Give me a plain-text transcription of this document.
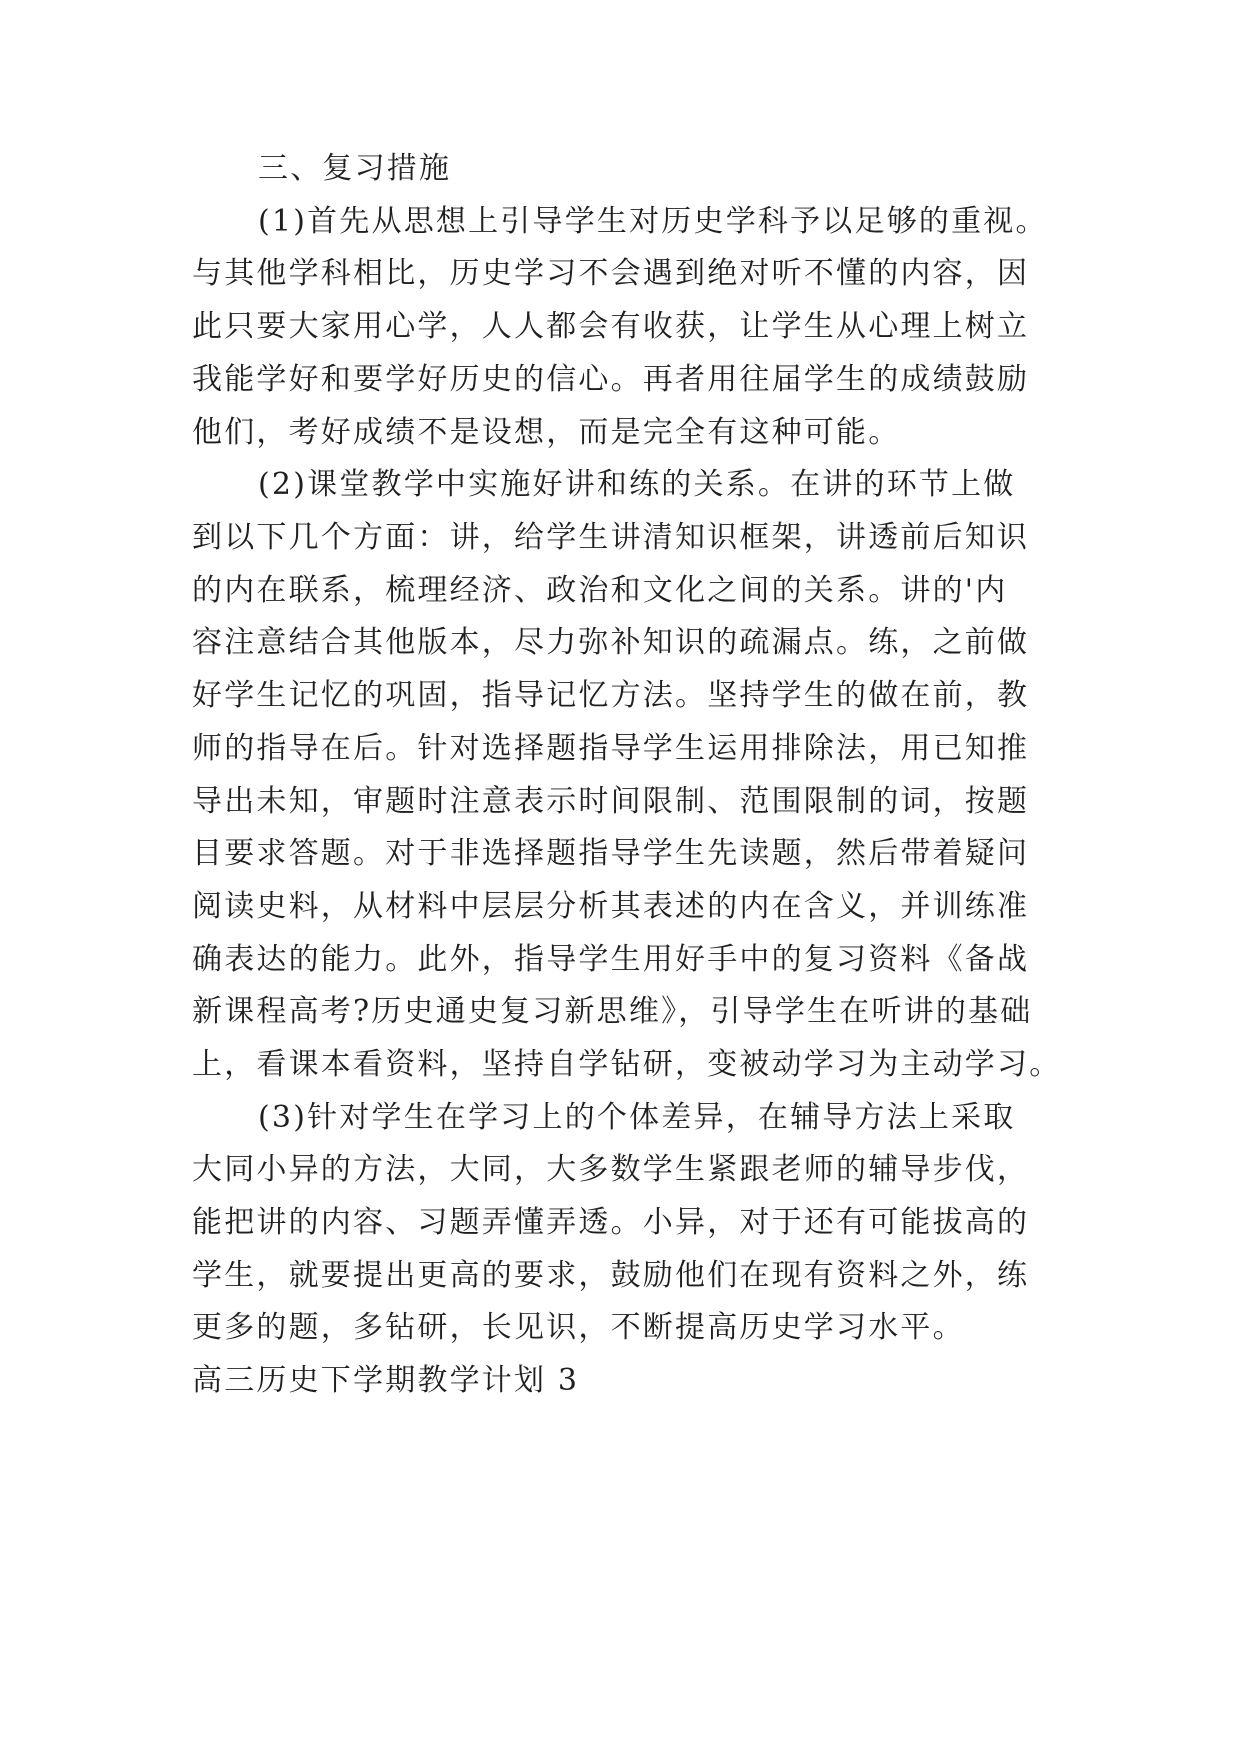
三、复习措施
(1)首先从思想上引导学生对历史学科予以足够的重视。
与其他学科相比，历史学习不会遇到绝对听不懂的内容，因
此只要大家用心学，人人都会有收获，让学生从心理上树立
我能学好和要学好历史的信心。再者用往届学生的成绩鼓励
他们，考好成绩不是设想，而是完全有这种可能。
(2)课堂教学中实施好讲和练的关系。在讲的环节上做
到以下几个方面：讲，给学生讲清知识框架，讲透前后知识
的内在联系，梳理经济、政治和文化之间的关系。讲的'内
容注意结合其他版本，尽力弥补知识的疏漏点。练，之前做
好学生记忆的巩固，指导记忆方法。坚持学生的做在前，教
师的指导在后。针对选择题指导学生运用排除法，用已知推
导出未知，审题时注意表示时间限制、范围限制的词，按题
目要求答题。对于非选择题指导学生先读题，然后带着疑问
阅读史料，从材料中层层分析其表述的内在含义，并训练准
确表达的能力。此外，指导学生用好手中的复习资料《备战
新课程高考?历史通史复习新思维》，引导学生在听讲的基础
上，看课本看资料，坚持自学钻研，变被动学习为主动学习。
(3)针对学生在学习上的个体差异，在辅导方法上采取
大同小异的方法，大同，大多数学生紧跟老师的辅导步伐，
能把讲的内容、习题弄懂弄透。小异，对于还有可能拔高的
学生，就要提出更高的要求，鼓励他们在现有资料之外，练
更多的题，多钻研，长见识，不断提高历史学习水平。
高三历史下学期教学计划 3
